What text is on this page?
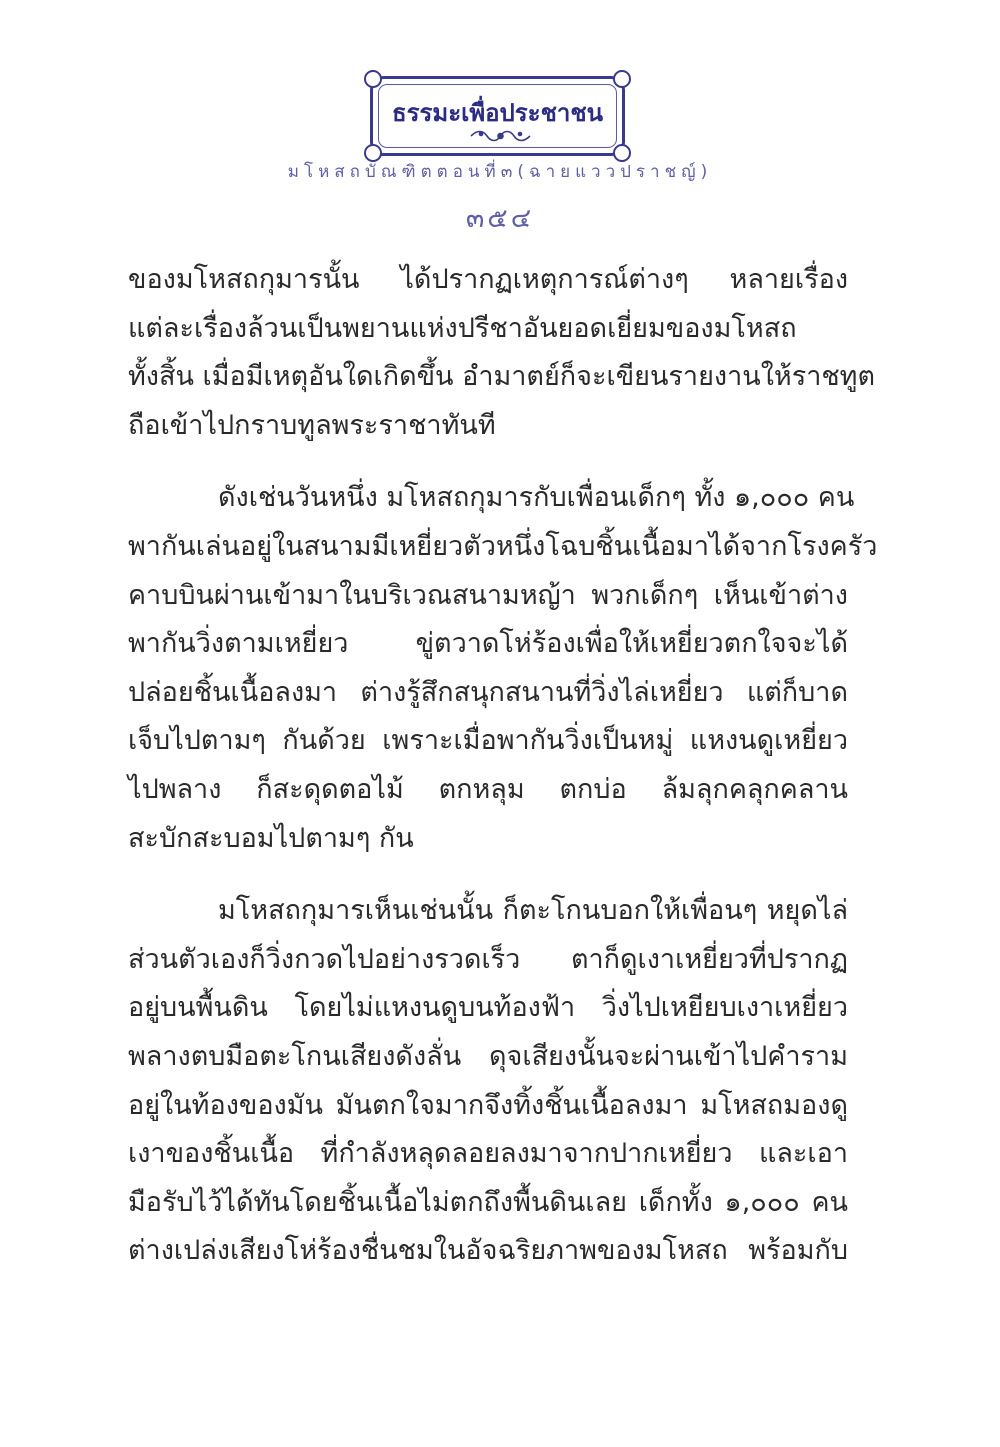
ธรรมะเพื่อประชาชน
มโหสถบัณฑิตตอนที่๓(ฉายแววปราชญ์)
๓๕๔
ของมโหสถกุมารนั้น ได้ปรากฏเหตุการณ์ต่างๆ หลายเรื่อง
แต่ละเรื่องล้วนเป็นพยานแห่งปรีชาอันยอดเยี่ยมของมโหสถ
ทั้งสิ้น เมื่อมีเหตุอันใดเกิดขึ้น อำมาตย์ก็จะเขียนรายงานให้ราชทูต
ถือเข้าไปกราบทูลพระราชาทันที
ดังเช่นวันหนึ่ง มโหสถกุมารกับเพื่อนเด็กๆ ทั้ง ๑,๐๐๐ คน
พากันเล่นอยู่ในสนามมีเหยี่ยวตัวหนึ่งโฉบชิ้นเนื้อมาได้จากโรงครัว
คาบบินผ่านเข้ามาในบริเวณสนามหญ้า พวกเด็กๆ เห็นเข้าต่าง
พากันวิ่งตามเหยี่ยว ขู่ตวาดโห่ร้องเพื่อให้เหยี่ยวตกใจจะได้
ปล่อยชิ้นเนื้อลงมา ต่างรู้สึกสนุกสนานที่วิ่งไล่เหยี่ยว แต่ก็บาด
เจ็บไปตามๆ กันด้วย เพราะเมื่อพากันวิ่งเป็นหมู่ แหงนดูเหยี่ยว
ไปพลาง ก็สะดุดตอไม้ ตกหลุม ตกบ่อ ล้มลุกคลุกคลาน
สะบักสะบอมไปตามๆ กัน
มโหสถกุมารเห็นเช่นนั้น ก็ตะโกนบอกให้เพื่อนๆ หยุดไล่
ส่วนตัวเองก็วิ่งกวดไปอย่างรวดเร็ว ตาก็ดูเงาเหยี่ยวที่ปรากฏ
อยู่บนพื้นดิน โดยไม่แหงนดูบนท้องฟ้า วิ่งไปเหยียบเงาเหยี่ยว
พลางตบมือตะโกนเสียงดังลั่น ดุจเสียงนั้นจะผ่านเข้าไปคำราม
อยู่ในท้องของมัน มันตกใจมากจึงทิ้งชิ้นเนื้อลงมา มโหสถมองดู
เงาของชิ้นเนื้อ ที่กำลังหลุดลอยลงมาจากปากเหยี่ยว และเอา
มือรับไว้ได้ทันโดยชิ้นเนื้อไม่ตกถึงพื้นดินเลย เด็กทั้ง ๑,๐๐๐ คน
ต่างเปล่งเสียงโห่ร้องชื่นชมในอัจฉริยภาพของมโหสถ พร้อมกับ
